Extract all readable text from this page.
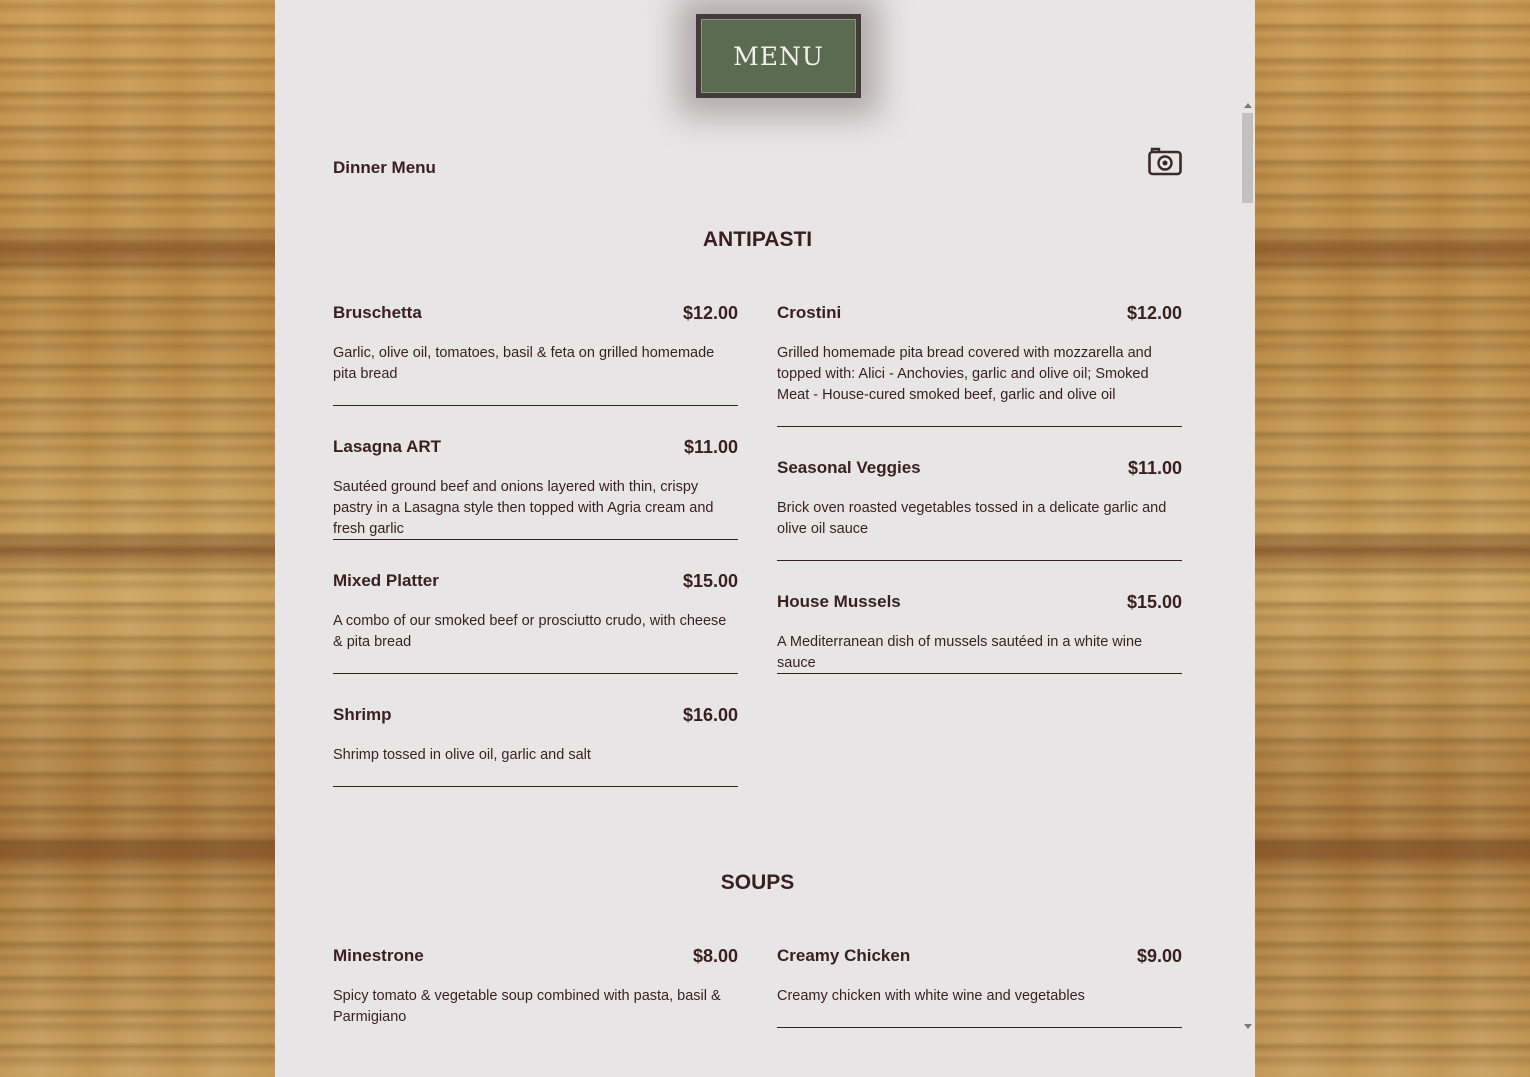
MENU
Dinner Menu
ANTIPASTI
Bruschetta	$12.00
Garlic, olive oil, tomatoes, basil & feta on grilled homemade pita bread
Crostini	$12.00
Grilled homemade pita bread covered with mozzarella and topped with: Alici - Anchovies, garlic and olive oil; Smoked Meat - House-cured smoked beef, garlic and olive oil
Lasagna ART	$11.00
Sautéed ground beef and onions layered with thin, crispy pastry in a Lasagna style then topped with Agria cream and fresh garlic
Seasonal Veggies	$11.00
Brick oven roasted vegetables tossed in a delicate garlic and olive oil sauce
Mixed Platter	$15.00
A combo of our smoked beef or prosciutto crudo, with cheese & pita bread
House Mussels	$15.00
A Mediterranean dish of mussels sautéed in a white wine sauce
Shrimp	$16.00
Shrimp tossed in olive oil, garlic and salt
SOUPS
Minestrone	$8.00
Spicy tomato & vegetable soup combined with pasta, basil & Parmigiano
Creamy Chicken	$9.00
Creamy chicken with white wine and vegetables
